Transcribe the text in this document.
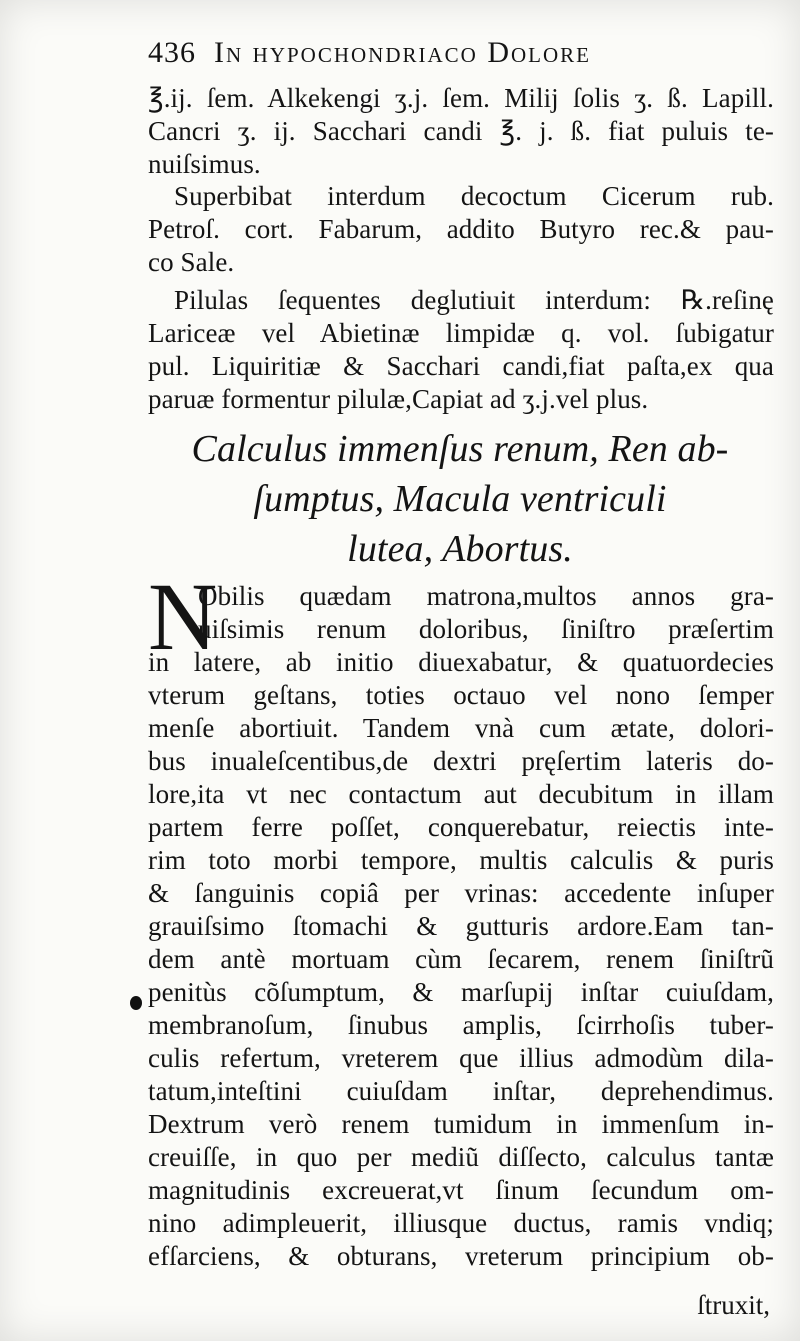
436 In hypochondriaco Dolore
℥.ij. ſem. Alkekengi ʒ.j. ſem. Milij ſolis ʒ. ß. Lapill.
Cancri ʒ. ij. Sacchari candi ℥. j. ß. fiat puluis te-
nuiſsimus.
Superbibat interdum decoctum Cicerum rub.
Petroſ. cort. Fabarum, addito Butyro rec.& pau-
co Sale.
Pilulas ſequentes deglutiuit interdum: ℞.reſinę
Laricеæ vel Abietinæ limpidæ q. vol. ſubigatur
pul. Liquiritiæ & Sacchari candi,fiat paſta,ex qua
paruæ formentur pilulæ,Capiat ad ʒ.j.vel plus.
Calculus immenſus renum, Ren ab-
ſumptus, Macula ventriculi
lutea, Abortus.
N
Obilis quædam matrona,multos annos gra-
uiſsimis renum doloribus, ſiniſtro præſertim
in latere, ab initio diuexabatur, & quatuordecies
vterum geſtans, toties octauo vel nono ſemper
menſe abortiuit. Tandem vnà cum ætate, dolori-
bus inualeſcentibus,de dextri pręſertim lateris do-
lore,ita vt nec contactum aut decubitum in illam
partem ferre poſſet, conquerebatur, reiectis inte-
rim toto morbi tempore, multis calculis & puris
& ſanguinis copiâ per vrinas: accedente inſuper
grauiſsimo ſtomachi & gutturis ardore.Eam tan-
dem antè mortuam cùm ſecarem, renem ſiniſtrũ
penitùs cõſumptum, & marſupij inſtar cuiuſdam,
membranoſum, ſinubus amplis, ſcirrhoſis tuber-
culis refertum, vreterem que illius admodùm dila-
tatum,inteſtini cuiuſdam inſtar, deprehendimus.
Dextrum verò renem tumidum in immenſum in-
creuiſſe, in quo per mediũ diſſecto, calculus tantæ
magnitudinis excreuerat,vt ſinum ſecundum om-
nino adimpleuerit, illiusque ductus, ramis vndiq;
efſarciens, & obturans, vreterum principium ob-
ſtruxit,
